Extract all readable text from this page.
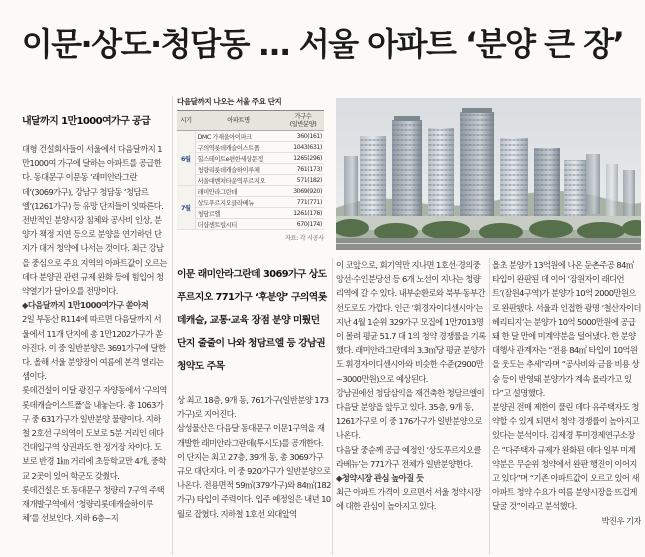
이문·상도·청담동 … 서울 아파트 ‘분양 큰 장’
내달까지 1만1000여가구 공급

대형 건설회사들이 서울에서 다음달까지 1만1000여 가구에 달하는 아파트를 공급한다. 동대문구 이문동 ‘래미안라그란데’(3069가구), 강남구 청담동 ‘청담르엘’(1261가구) 등 유망 단지들이 잇따른다. 전반적인 분양시장 침체와 공사비 인상, 분양가 책정 지연 등으로 분양을 연기하던 단지가 대거 청약에 나서는 것이다. 최근 강남을 중심으로 주요 지역의 아파트값이 오르는 데다 분양권 관련 규제 완화 등에 힘입어 청약열기가 달아오를 전망이다.

◆다음달까지 1만1000여가구 쏟아져

2일 부동산 R114에 따르면 다음달까지 서울에서 11개 단지에 총 1만1202가구가 쏟아진다. 이 중 일반분양은 3691가구에 달한다. 올해 서울 분양장이 여름에 본격 열리는 셈이다.

롯데건설이 이달 광진구 자양동에서 ‘구의역롯데캐슬이스트폴’을 내놓는다. 총 1063가구 중 631가구가 일반분양 물량이다. 지하철 2호선 구의역이 도보로 5분 거리인 데다 건대입구역 상권과도 한 정거장 차이다. 도보로 반경 1㎞ 거리에 초등학교만 4개, 중학교 2곳이 있어 학군도 갖췄다.

롯데건설은 또 동대문구 청량리 7구역 주택재개발구역에서 ‘청량리롯데캐슬하이루체’를 선보인다. 지하 6층~지

다음달까지 나오는 서울 주요 단지
시기	아파트명	가구수
(일반분양)
6월	DMC 가재울아이파크	360(161)
	구의역롯데캐슬이스트폴	1043(631)
	힐스테이트e편한세상문정	1265(296)
	청량리롯데캐슬하이루체	761(173)
	서울대벤처타운역푸르지오	571(182)
7월	래미안라그란데	3069(920)
	상도푸르지오클라베뉴	771(771)
	청담르엘	1261(176)
	더샵센트럴시티	670(174)
자료: 각 시공사
이문 래미안라그란데 3069가구 상도푸르지오 771가구 ‘후분양’ 구의역롯데캐슬, 교통·교육 장점 분양 미뤘던 단지 줄줄이 나와 청담르엘 등 강남권 청약도 주목

상 최고 18층, 9개 동, 761가구(일반분양 173가구)로 지어진다.

삼성물산은 다음달 동대문구 이문1구역을 재개발한 래미안라그란데(투시도)를 공개한다. 이 단지는 최고 27층, 39개 동, 총 3069가구 규모 대단지다. 이 중 920가구가 일반분양으로 나온다. 전용면적 59㎡(379가구)와 84㎡(182가구) 타입이 주력이다. 입주 예정일은 내년 10월로 잡혔다. 지하철 1호선 외대앞역

이 코앞으로, 회기역만 지나면 1호선·경의중앙선·수인분당선 등 6개 노선이 지나는 청량리역에 갈 수 있다. 내부순환로와 북부·동부간선도로도 가깝다. 인근 ‘휘경자이디센시아’는 지난 4월 1순위 329가구 모집에 1만7013명이 몰려 평균 51.7 대 1의 청약 경쟁률을 기록했다. 래미안라그란데의 3.3㎡당 평균 분양가도 휘경자이디센시아와 비슷한 수준(2900만~3000만원)으로 예상된다.

강남권에선 청담삼익을 재건축한 청담르엘이 다음달 분양을 앞두고 있다. 35층, 9개 동, 1261가구로 이 중 176가구가 일반분양으로 나온다.

다음달 중순께 공급 예정인 ‘상도푸르지오클라베뉴’는 771가구 전체가 일반분양한다.

◆청약시장 관심 높아질 듯

최근 아파트 가격이 오르면서 서울 청약시장에 대한 관심이 높아지고 있다.

올초 분양가 13억원에 나온 둔촌주공 84㎡ 타입이 완판된 데 이어 ‘잠원자이 래디언트’(잠원4구역)가 분양가 10억 2000만원으로 완판됐다. 서울과 인접한 광명 ‘철산자이더헤리티지’는 분양가 10억 5000만원에 공급돼 한 달 만에 미계약분을 털어냈다. 한 분양대행사 관계자는 “전용 84㎡ 타입이 10억원을 웃도는 추세”라며 “공사비와 금융 비용 상승 등이 반영돼 분양가가 계속 올라가고 있다”고 설명했다.

분양권 전매 제한이 풀린 데다 유주택자도 청약할 수 있게 되면서 청약 경쟁률이 높아지고 있다는 분석이다. 김제경 투미경제연구소장은 “다주택자 규제가 완화된 데다 일부 미계약분은 무순위 청약에서 완판 행진이 이어지고 있다”며 “기존 아파트값이 오르고 있어 새 아파트 청약 수요가 여름 분양시장을 뜨겁게 달굴 것”이라고 분석했다.

박진우 기자
